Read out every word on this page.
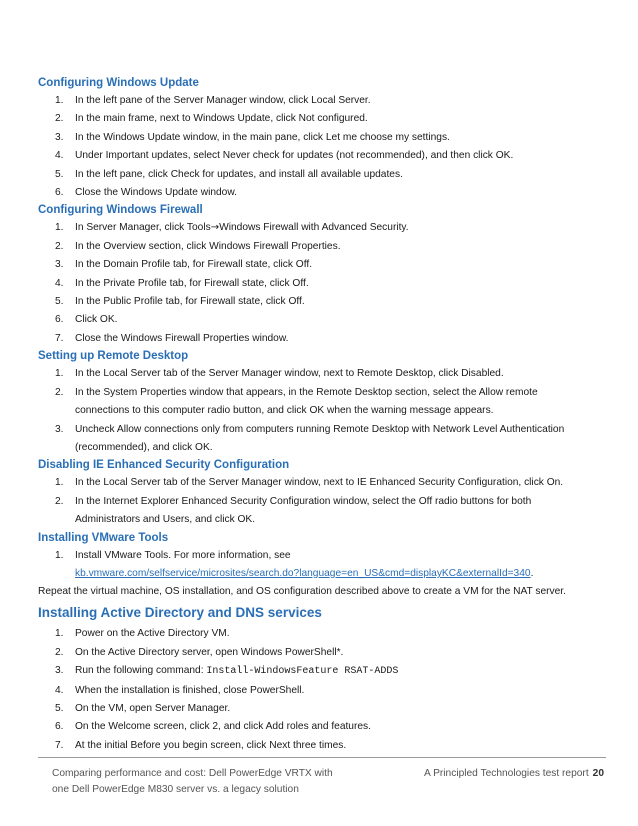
Configuring Windows Update
1. In the left pane of the Server Manager window, click Local Server.
2. In the main frame, next to Windows Update, click Not configured.
3. In the Windows Update window, in the main pane, click Let me choose my settings.
4. Under Important updates, select Never check for updates (not recommended), and then click OK.
5. In the left pane, click Check for updates, and install all available updates.
6. Close the Windows Update window.
Configuring Windows Firewall
1. In Server Manager, click Tools→Windows Firewall with Advanced Security.
2. In the Overview section, click Windows Firewall Properties.
3. In the Domain Profile tab, for Firewall state, click Off.
4. In the Private Profile tab, for Firewall state, click Off.
5. In the Public Profile tab, for Firewall state, click Off.
6. Click OK.
7. Close the Windows Firewall Properties window.
Setting up Remote Desktop
1. In the Local Server tab of the Server Manager window, next to Remote Desktop, click Disabled.
2. In the System Properties window that appears, in the Remote Desktop section, select the Allow remote
connections to this computer radio button, and click OK when the warning message appears.
3. Uncheck Allow connections only from computers running Remote Desktop with Network Level Authentication
(recommended), and click OK.
Disabling IE Enhanced Security Configuration
1. In the Local Server tab of the Server Manager window, next to IE Enhanced Security Configuration, click On.
2. In the Internet Explorer Enhanced Security Configuration window, select the Off radio buttons for both
Administrators and Users, and click OK.
Installing VMware Tools
1. Install VMware Tools. For more information, see
kb.vmware.com/selfservice/microsites/search.do?language=en_US&cmd=displayKC&externalId=340.

Repeat the virtual machine, OS installation, and OS configuration described above to create a VM for the NAT server.

Installing Active Directory and DNS services
1. Power on the Active Directory VM.
2. On the Active Directory server, open Windows PowerShell*.
3. Run the following command: Install-WindowsFeature RSAT-ADDS
4. When the installation is finished, close PowerShell.
5. On the VM, open Server Manager.
6. On the Welcome screen, click 2, and click Add roles and features.
7. At the initial Before you begin screen, click Next three times.
Comparing performance and cost: Dell PowerEdge VRTX with
one Dell PowerEdge M830 server vs. a legacy solution
A Principled Technologies test report 20
